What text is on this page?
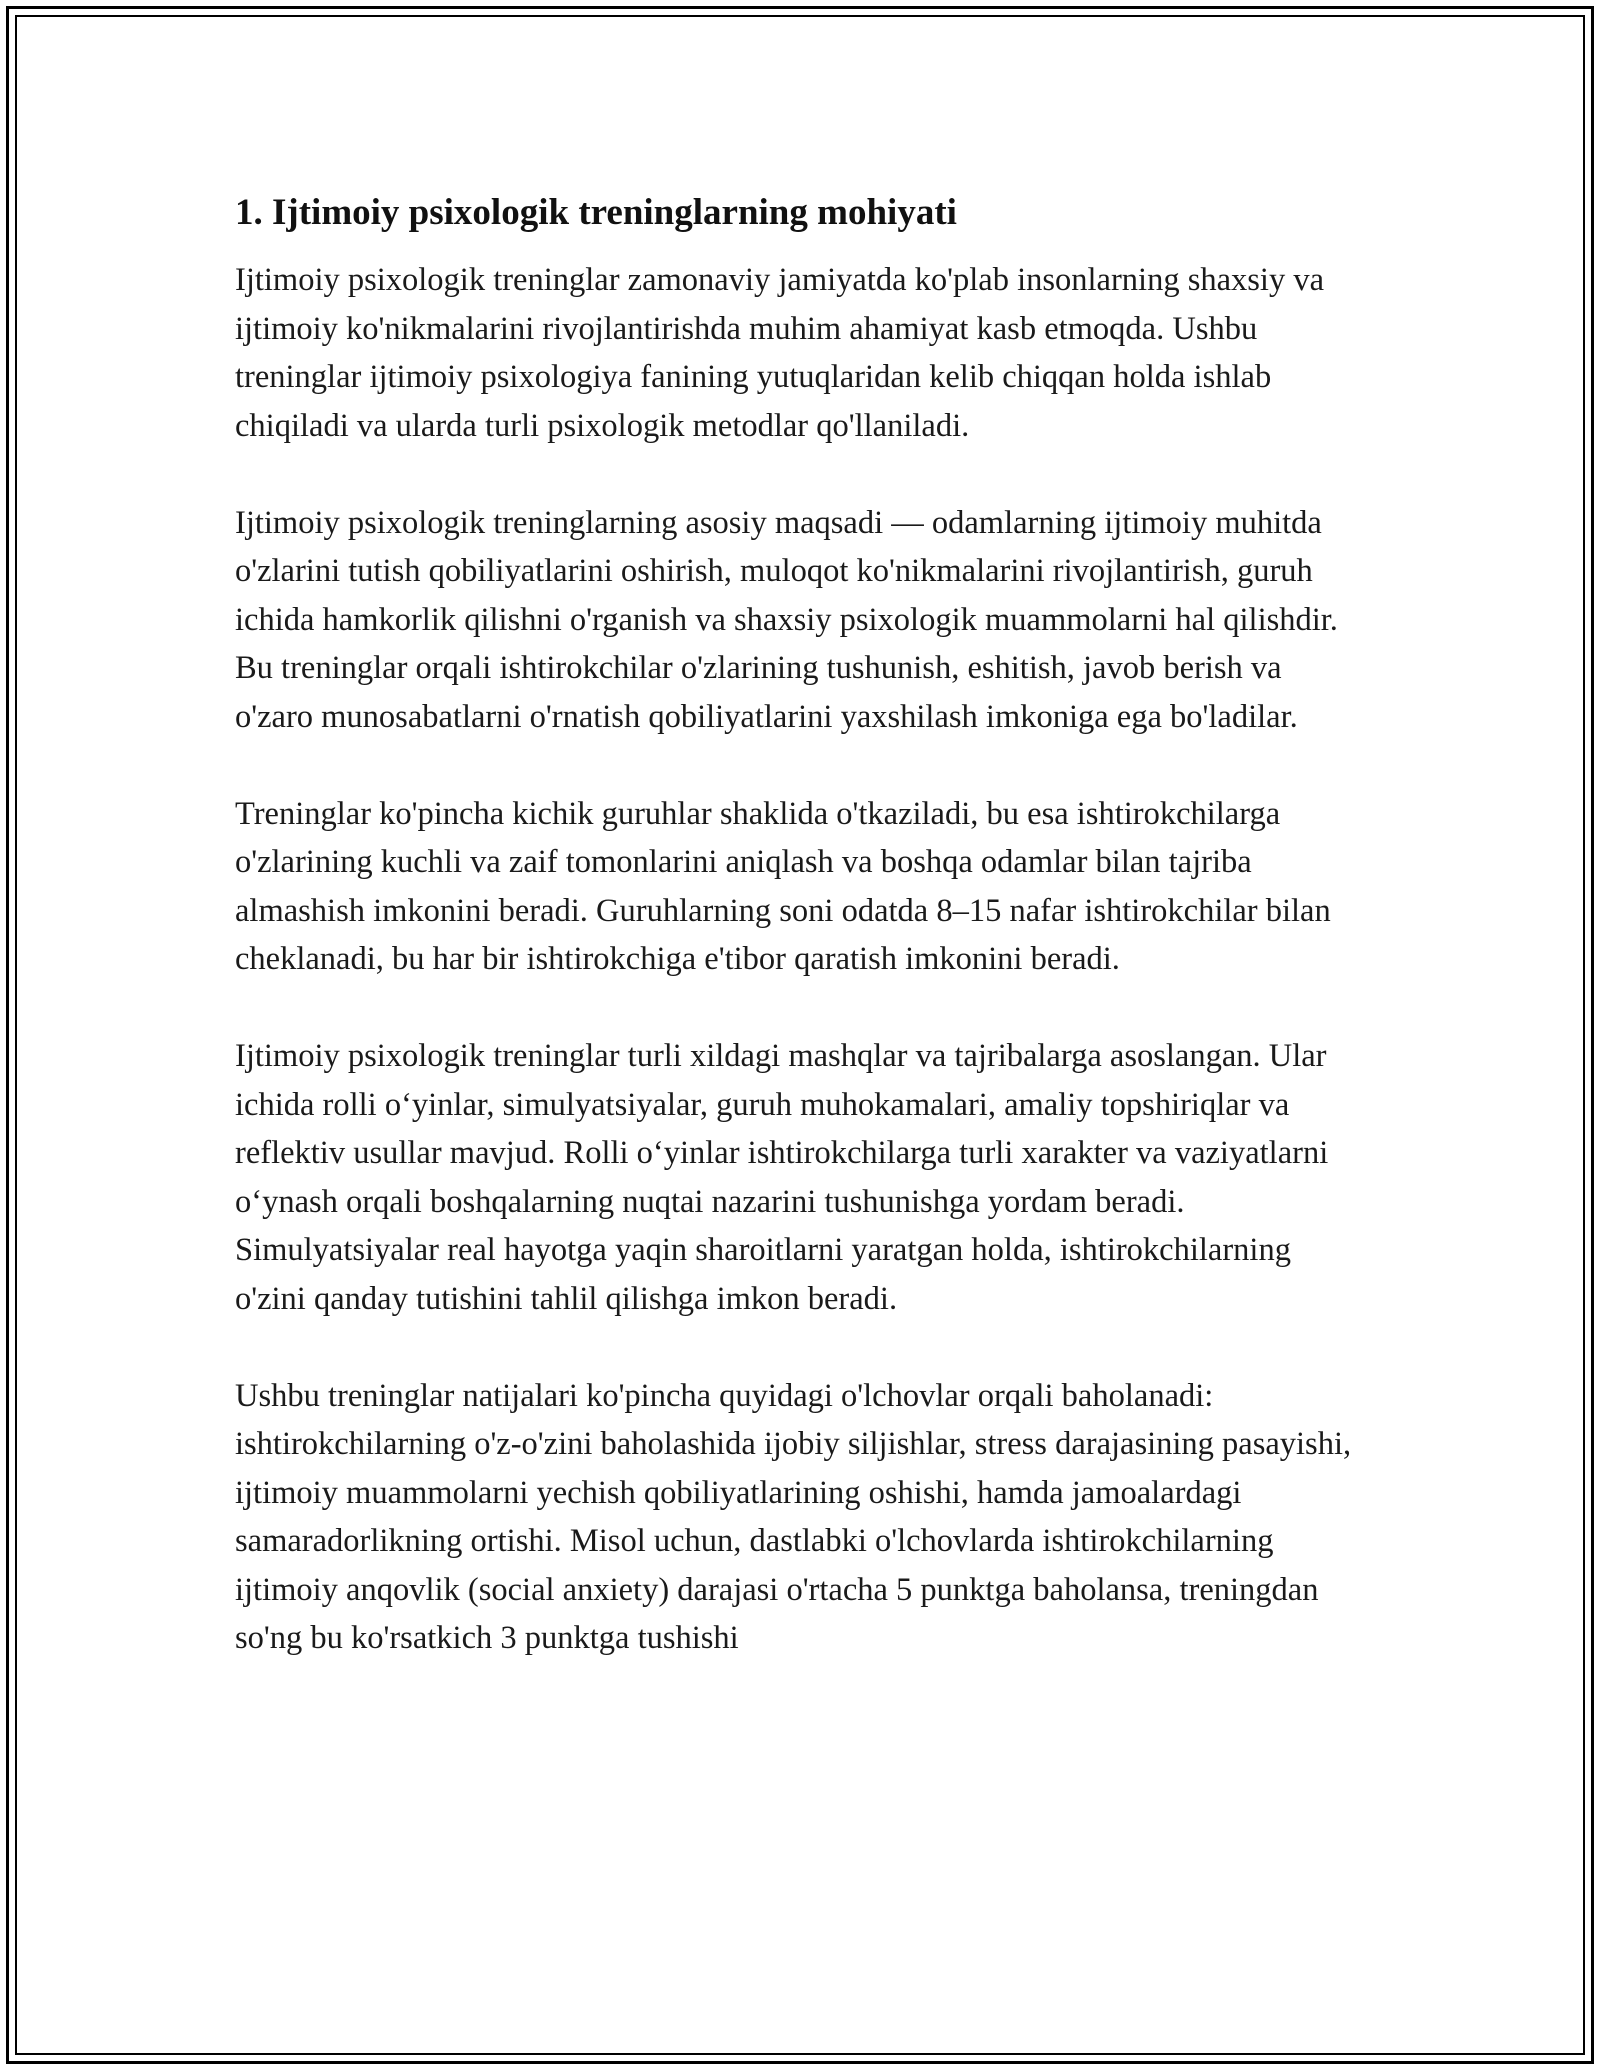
1. Ijtimoiy psixologik treninglarning mohiyati

Ijtimoiy psixologik treninglar zamonaviy jamiyatda ko'plab insonlarning shaxsiy va ijtimoiy ko'nikmalarini rivojlantirishda muhim ahamiyat kasb etmoqda. Ushbu treninglar ijtimoiy psixologiya fanining yutuqlaridan kelib chiqqan holda ishlab chiqiladi va ularda turli psixologik metodlar qo'llaniladi.

Ijtimoiy psixologik treninglarning asosiy maqsadi — odamlarning ijtimoiy muhitda o'zlarini tutish qobiliyatlarini oshirish, muloqot ko'nikmalarini rivojlantirish, guruh ichida hamkorlik qilishni o'rganish va shaxsiy psixologik muammolarni hal qilishdir. Bu treninglar orqali ishtirokchilar o'zlarining tushunish, eshitish, javob berish va o'zaro munosabatlarni o'rnatish qobiliyatlarini yaxshilash imkoniga ega bo'ladilar.

Treninglar ko'pincha kichik guruhlar shaklida o'tkaziladi, bu esa ishtirokchilarga o'zlarining kuchli va zaif tomonlarini aniqlash va boshqa odamlar bilan tajriba almashish imkonini beradi. Guruhlarning soni odatda 8–15 nafar ishtirokchilar bilan cheklanadi, bu har bir ishtirokchiga e'tibor qaratish imkonini beradi.

Ijtimoiy psixologik treninglar turli xildagi mashqlar va tajribalarga asoslangan. Ular ichida rolli o‘yinlar, simulyatsiyalar, guruh muhokamalari, amaliy topshiriqlar va reflektiv usullar mavjud. Rolli o‘yinlar ishtirokchilarga turli xarakter va vaziyatlarni o‘ynash orqali boshqalarning nuqtai nazarini tushunishga yordam beradi. Simulyatsiyalar real hayotga yaqin sharoitlarni yaratgan holda, ishtirokchilarning o'zini qanday tutishini tahlil qilishga imkon beradi.

Ushbu treninglar natijalari ko'pincha quyidagi o'lchovlar orqali baholanadi: ishtirokchilarning o'z-o'zini baholashida ijobiy siljishlar, stress darajasining pasayishi, ijtimoiy muammolarni yechish qobiliyatlarining oshishi, hamda jamoalardagi samaradorlikning ortishi. Misol uchun, dastlabki o'lchovlarda ishtirokchilarning ijtimoiy anqovlik (social anxiety) darajasi o'rtacha 5 punktga baholansa, treningdan so'ng bu ko'rsatkich 3 punktga tushishi
